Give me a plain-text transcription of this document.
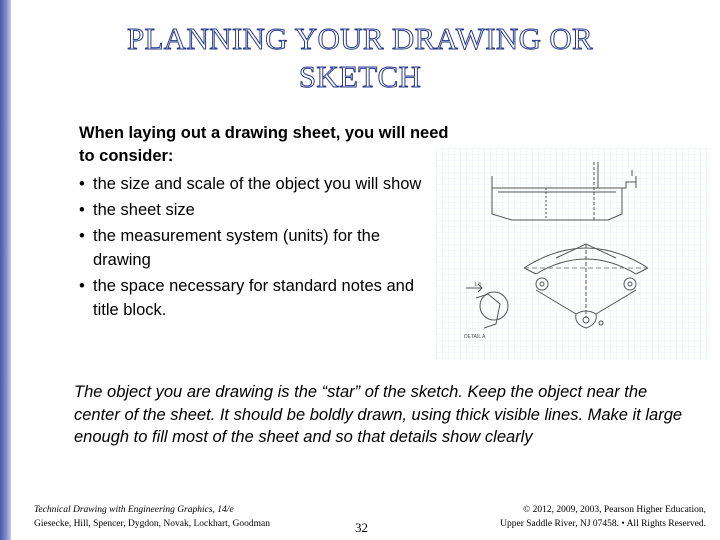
PLANNING YOUR DRAWING OR
SKETCH
When laying out a drawing sheet, you will need to consider:
• the size and scale of the object you will show
• the sheet size
• the measurement system (units) for the drawing
• the space necessary for standard notes and title block.
1.8
DETAIL A
The object you are drawing is the “star” of the sketch. Keep the object near the center of the sheet. It should be boldly drawn, using thick visible lines. Make it large enough to fill most of the sheet and so that details show clearly
Technical Drawing with Engineering Graphics, 14/e
Giesecke, Hill, Spencer, Dygdon, Novak, Lockhart, Goodman	32
© 2012, 2009, 2003, Pearson Higher Education,
Upper Saddle River, NJ 07458. • All Rights Reserved.
